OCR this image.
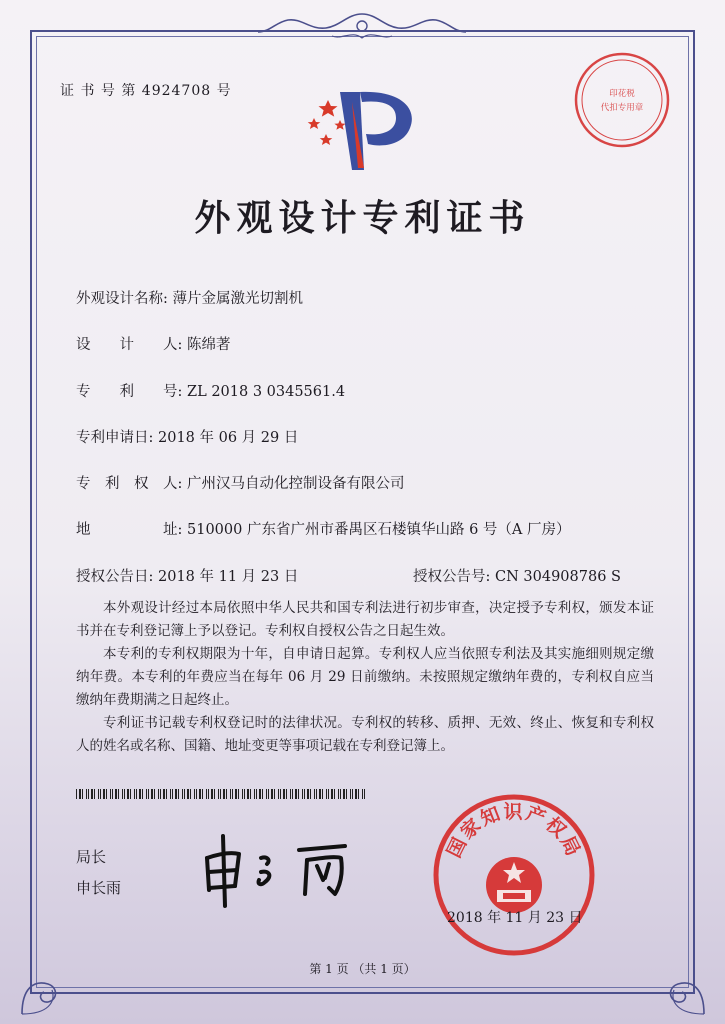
证 书 号 第 4924708 号	印花税
代扣专用章
外观设计专利证书
外观设计名称: 薄片金属激光切割机
设　　计　　人: 陈绵著
专　　利　　号: ZL 2018 3 0345561.4
专利申请日: 2018 年 06 月 29 日
专　利　权　人: 广州汉马自动化控制设备有限公司
地　　　　　址: 510000 广东省广州市番禺区石楼镇华山路 6 号（A 厂房）
授权公告日: 2018 年 11 月 23 日	授权公告号: CN 304908786 S

本外观设计经过本局依照中华人民共和国专利法进行初步审查，决定授予专利权，颁发本证书并在专利登记簿上予以登记。专利权自授权公告之日起生效。

本专利的专利权期限为十年，自申请日起算。专利权人应当依照专利法及其实施细则规定缴纳年费。本专利的年费应当在每年 06 月 29 日前缴纳。未按照规定缴纳年费的，专利权自应当缴纳年费期满之日起终止。

专利证书记载专利权登记时的法律状况。专利权的转移、质押、无效、终止、恢复和专利权人的姓名或名称、国籍、地址变更等事项记载在专利登记簿上。

局长
申长雨
国家知识产权局
2018 年 11 月 23 日
第 1 页 （共 1 页）
